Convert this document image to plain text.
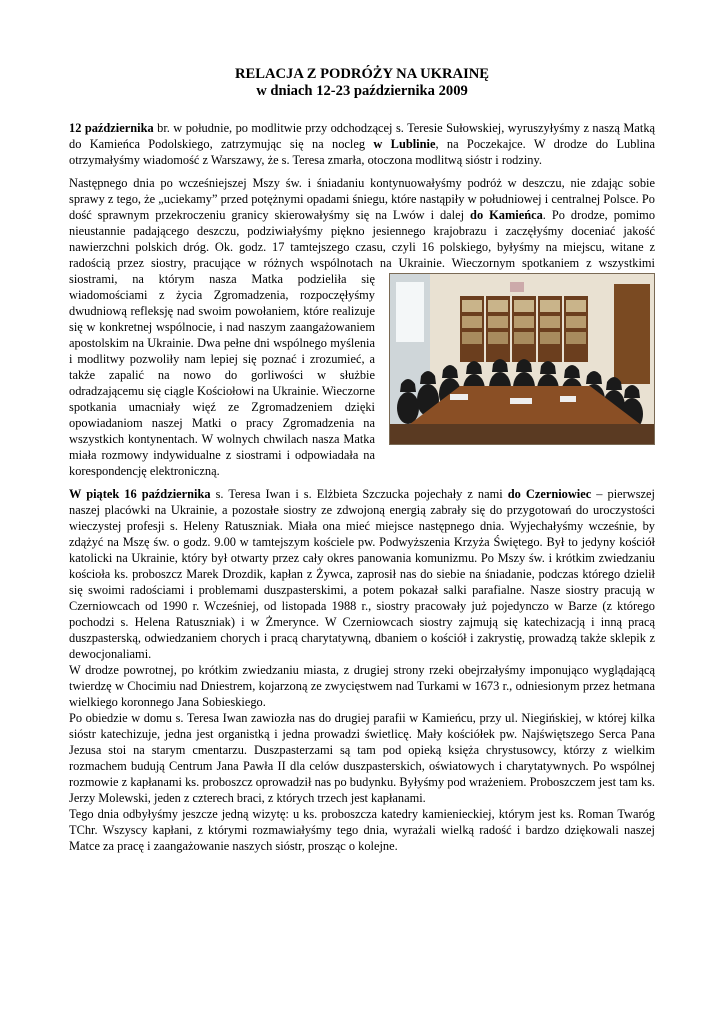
RELACJA Z PODRÓŻY NA UKRAINĘ
w dniach 12-23 października 2009

12 października br. w południe, po modlitwie przy odchodzącej s. Teresie Sułowskiej, wyruszyłyśmy z naszą Matką do Kamieńca Podolskiego, zatrzymując się na nocleg w Lublinie, na Poczekajce. W drodze do Lublina otrzymałyśmy wiadomość z Warszawy, że s. Teresa zmarła, otoczona modlitwą sióstr i rodziny.

Następnego dnia po wcześniejszej Mszy św. i śniadaniu kontynuowałyśmy podróż w deszczu, nie zdając sobie sprawy z tego, że „uciekamy” przed potężnymi opadami śniegu, które nastąpiły w południowej i centralnej Polsce. Po dość sprawnym przekroczeniu granicy skierowałyśmy się na Lwów i dalej do Kamieńca. Po drodze, pomimo nieustannie padającego deszczu, podziwiałyśmy piękno jesiennego krajobrazu i zaczęłyśmy doceniać jakość nawierzchni polskich dróg. Ok. godz. 17 tamtejszego czasu, czyli 16 polskiego, byłyśmy na miejscu, witane z radością przez siostry, pracujące w różnych wspólnotach na Ukrainie. Wieczornym spotkaniem z wszystkimi siostrami, na którym nasza Matka podzieliła się
wiadomościami z życia Zgromadzenia, rozpoczęłyśmy dwudniową refleksję nad swoim powołaniem, które realizuje się w konkretnej wspólnocie, i nad naszym zaangażowaniem apostolskim na Ukrainie. Dwa pełne dni wspólnego myślenia i modlitwy pozwoliły nam lepiej się poznać i zrozumieć, a także zapalić na nowo do gorliwości w służbie odradzającemu się ciągle Kościołowi na Ukrainie. Wieczorne spotkania umacniały więź ze Zgromadzeniem dzięki opowiadaniom naszej Matki o pracy Zgromadzenia na wszystkich kontynentach. W wolnych chwilach nasza Matka miała rozmowy indywidualne z siostrami i odpowiadała na korespondencję elektroniczną.

W piątek 16 października s. Teresa Iwan i s. Elżbieta Szczucka pojechały z nami do Czerniowiec – pierwszej naszej placówki na Ukrainie, a pozostałe siostry ze zdwojoną energią zabrały się do przygotowań do uroczystości wieczystej profesji s. Heleny Ratuszniak. Miała ona mieć miejsce następnego dnia. Wyjechałyśmy wcześnie, by zdążyć na Mszę św. o godz. 9.00 w tamtejszym kościele pw. Podwyższenia Krzyża Świętego. Był to jedyny kościół katolicki na Ukrainie, który był otwarty przez cały okres panowania komunizmu. Po Mszy św. i krótkim zwiedzaniu kościoła ks. proboszcz Marek Drozdik, kapłan z Żywca, zaprosił nas do siebie na śniadanie, podczas którego dzielił się swoimi radościami i problemami duszpasterskimi, a potem pokazał salki parafialne. Nasze siostry pracują w Czerniowcach od 1990 r. Wcześniej, od listopada 1988 r., siostry pracowały już pojedynczo w Barze (z którego pochodzi s. Helena Ratuszniak) i w Żmerynce. W Czerniowcach siostry zajmują się katechizacją i inną pracą duszpasterską, odwiedzaniem chorych i pracą charytatywną, dbaniem o kościół i zakrystię, prowadzą także sklepik z dewocjonaliami.

W drodze powrotnej, po krótkim zwiedzaniu miasta, z drugiej strony rzeki obejrzałyśmy imponująco wyglądającą twierdzę w Chocimiu nad Dniestrem, kojarzoną ze zwycięstwem nad Turkami w 1673 r., odniesionym przez hetmana wielkiego koronnego Jana Sobieskiego.

Po obiedzie w domu s. Teresa Iwan zawiozła nas do drugiej parafii w Kamieńcu, przy ul. Niegińskiej, w której kilka sióstr katechizuje, jedna jest organistką i jedna prowadzi świetlicę. Mały kościółek pw. Najświętszego Serca Pana Jezusa stoi na starym cmentarzu. Duszpasterzami są tam pod opieką księża chrystusowcy, którzy z wielkim rozmachem budują Centrum Jana Pawła II dla celów duszpasterskich, oświatowych i charytatywnych. Po wspólnej rozmowie z kapłanami ks. proboszcz oprowadził nas po budynku. Byłyśmy pod wrażeniem. Proboszczem jest tam ks. Jerzy Molewski, jeden z czterech braci, z których trzech jest kapłanami.

Tego dnia odbyłyśmy jeszcze jedną wizytę: u ks. proboszcza katedry kamienieckiej, którym jest ks. Roman Twaróg TChr. Wszyscy kapłani, z którymi rozmawiałyśmy tego dnia, wyrażali wielką radość i bardzo dziękowali naszej Matce za pracę i zaangażowanie naszych sióstr, prosząc o kolejne.
